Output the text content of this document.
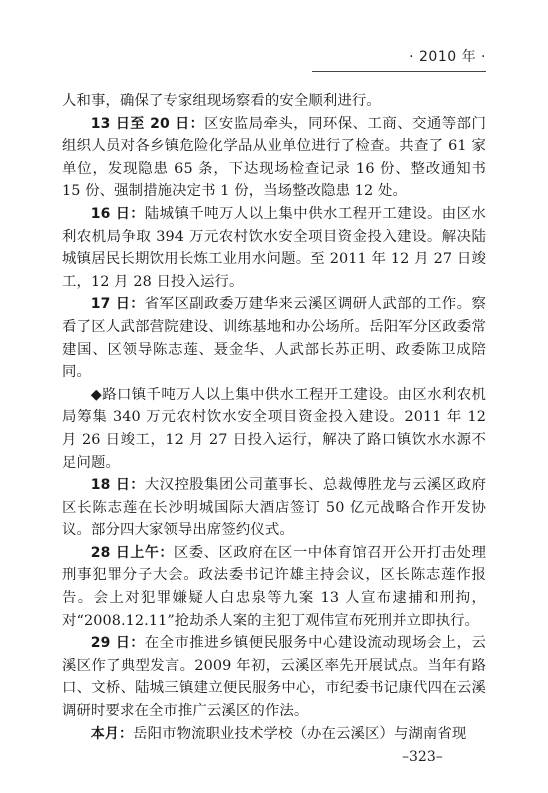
· 2010 年 ·

人和事，确保了专家组现场察看的安全顺利进行。

13 日至 20 日：区安监局牵头，同环保、工商、交通等部门组织人员对各乡镇危险化学品从业单位进行了检查。共查了 61 家单位，发现隐患 65 条，下达现场检查记录 16 份、整改通知书 15 份、强制措施决定书 1 份，当场整改隐患 12 处。

16 日：陆城镇千吨万人以上集中供水工程开工建设。由区水利农机局争取 394 万元农村饮水安全项目资金投入建设。解决陆城镇居民长期饮用长炼工业用水问题。至 2011 年 12 月 27 日竣工，12 月 28 日投入运行。

17 日：省军区副政委万建华来云溪区调研人武部的工作。察看了区人武部营院建设、训练基地和办公场所。岳阳军分区政委常建国、区领导陈志莲、聂金华、人武部长苏正明、政委陈卫成陪同。

◆路口镇千吨万人以上集中供水工程开工建设。由区水利农机局筹集 340 万元农村饮水安全项目资金投入建设。2011 年 12 月 26 日竣工，12 月 27 日投入运行，解决了路口镇饮水水源不足问题。

18 日：大汉控股集团公司董事长、总裁傅胜龙与云溪区政府区长陈志莲在长沙明城国际大酒店签订 50 亿元战略合作开发协议。部分四大家领导出席签约仪式。

28 日上午：区委、区政府在区一中体育馆召开公开打击处理刑事犯罪分子大会。政法委书记许雄主持会议，区长陈志莲作报告。会上对犯罪嫌疑人白忠泉等九案 13 人宣布逮捕和刑拘，对“2008.12.11”抢劫杀人案的主犯丁观伟宣布死刑并立即执行。

29 日：在全市推进乡镇便民服务中心建设流动现场会上，云溪区作了典型发言。2009 年初，云溪区率先开展试点。当年有路口、文桥、陆城三镇建立便民服务中心，市纪委书记康代四在云溪调研时要求在全市推广云溪区的作法。

本月：岳阳市物流职业技术学校（办在云溪区）与湖南省现

–323–
